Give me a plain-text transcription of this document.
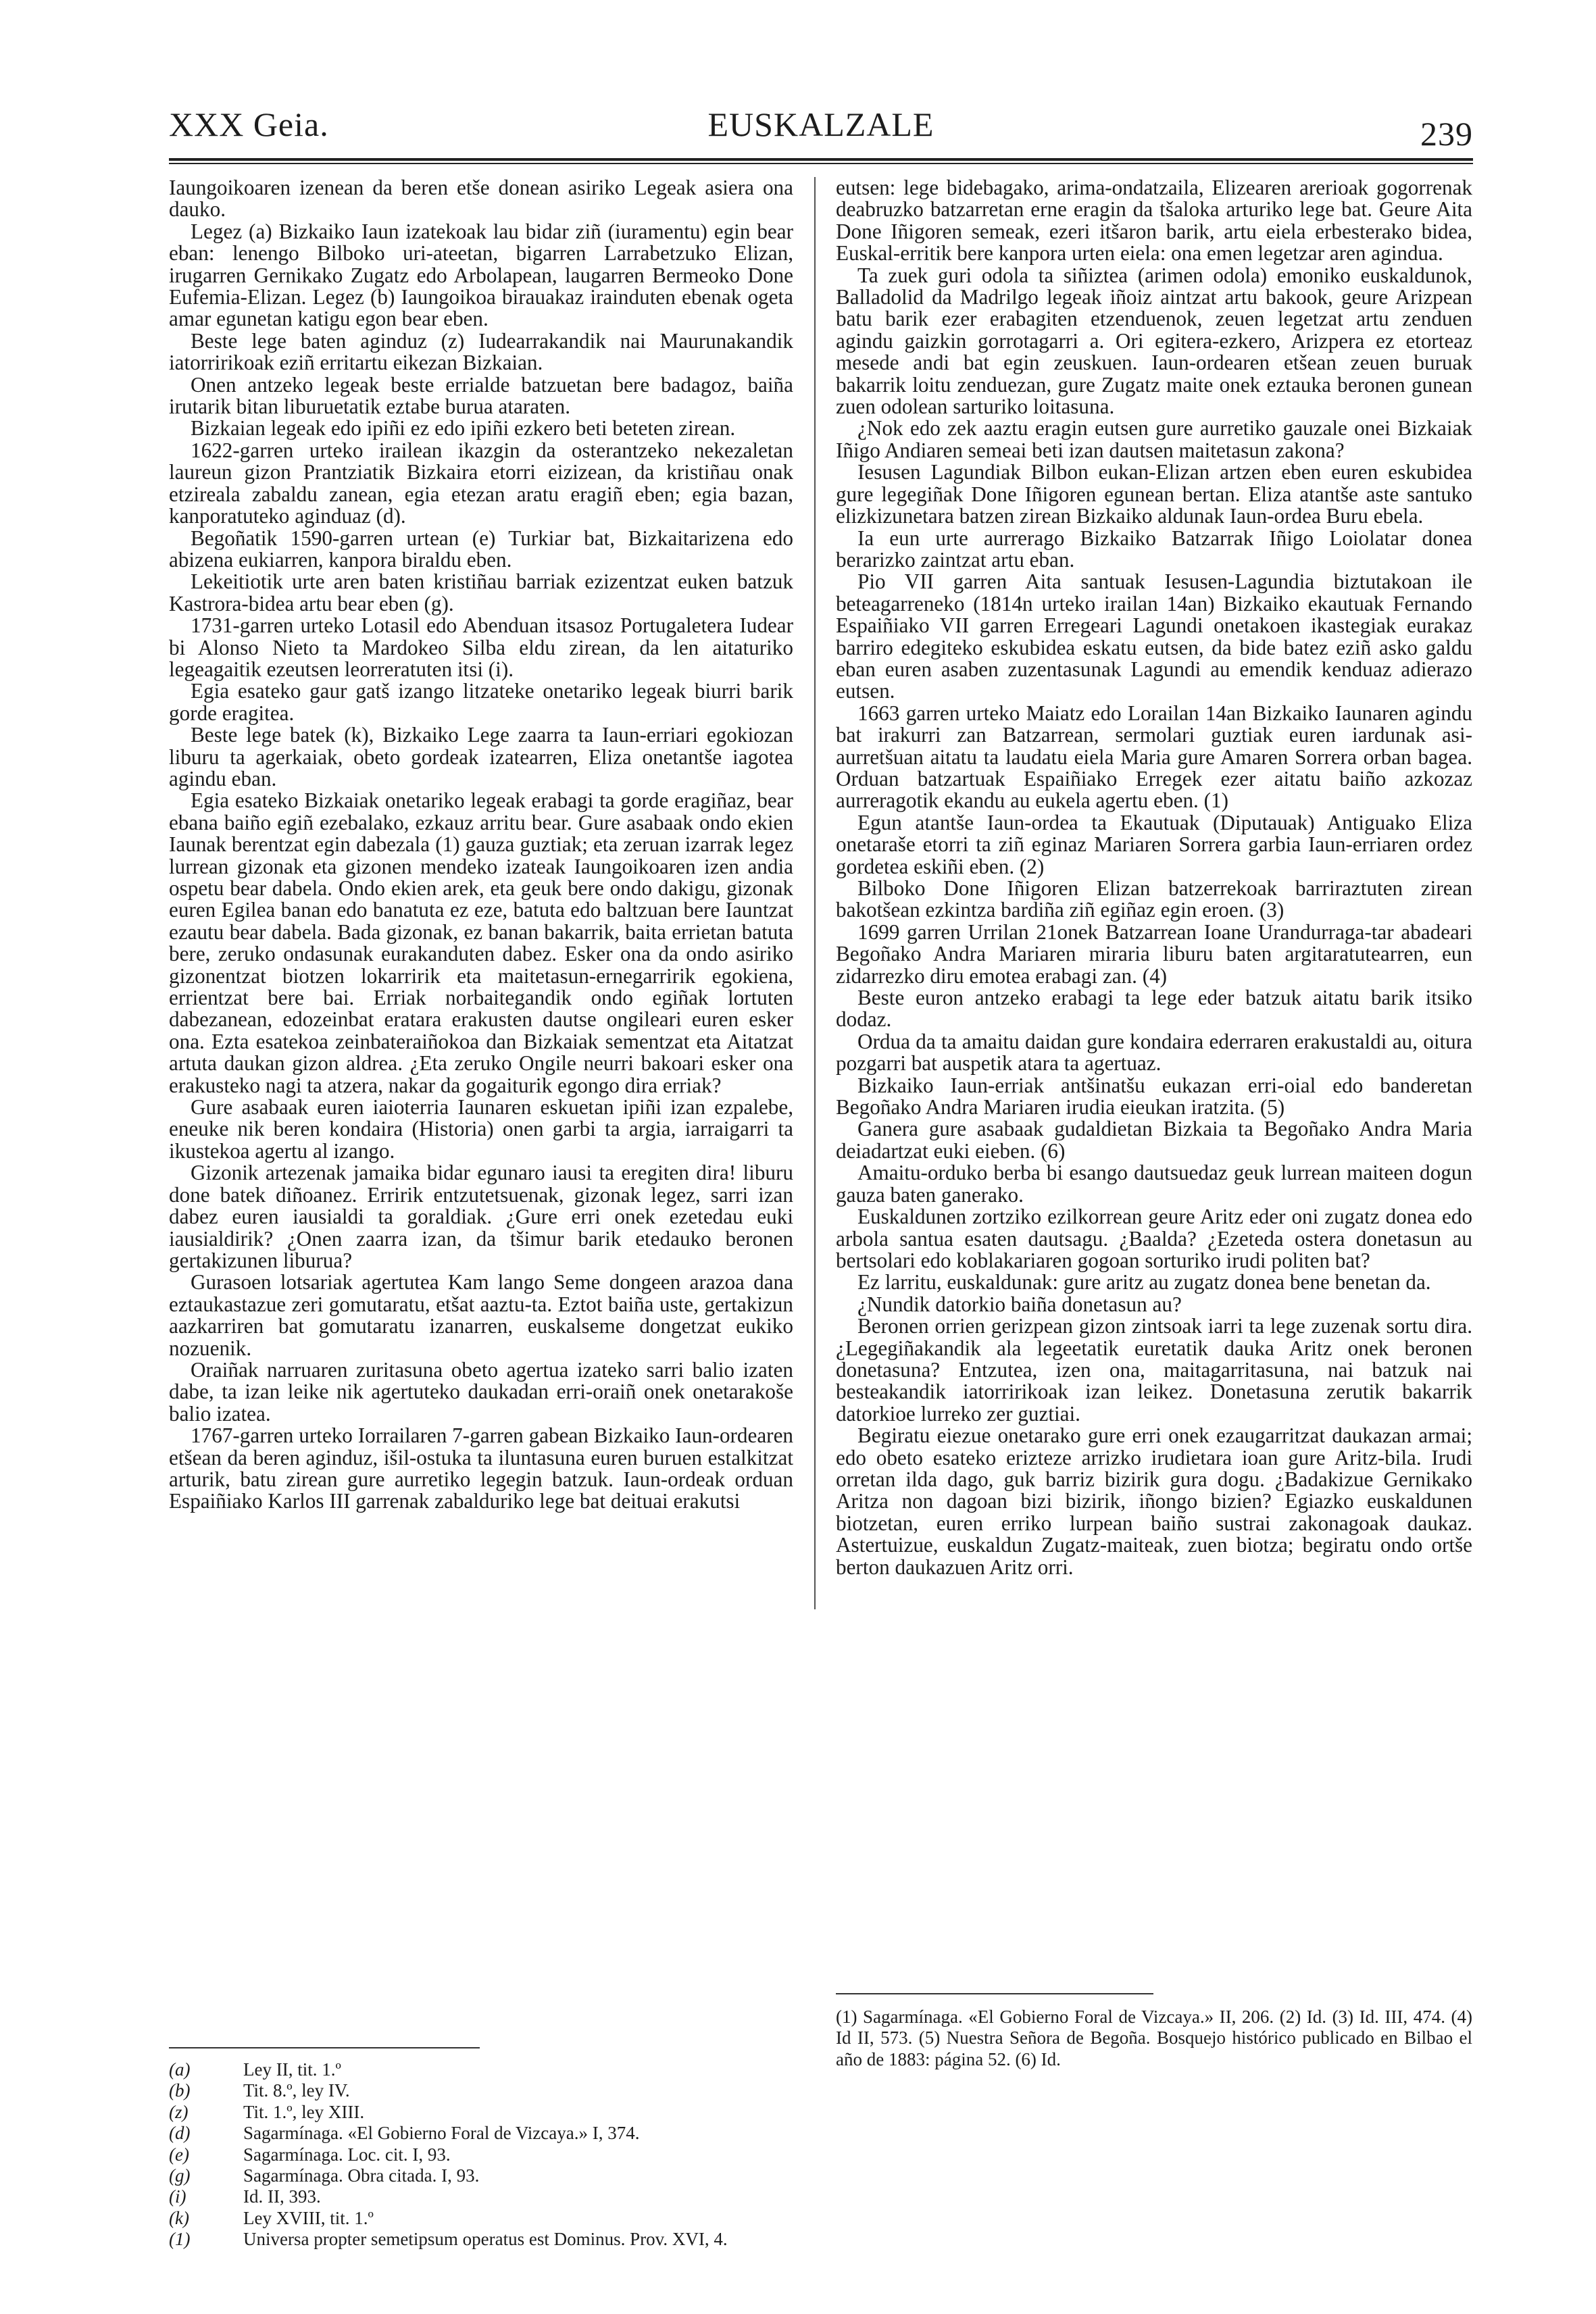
XXX Geia.	EUSKALZALE	239

Iaungoikoaren izenean da beren etše donean asiriko Legeak asiera ona dauko.

Legez (a) Bizkaiko Iaun izatekoak lau bidar ziñ (iuramentu) egin bear eban: lenengo Bilboko uri-ateetan, bigarren Larrabetzuko Elizan, irugarren Gernikako Zugatz edo Arbolapean, laugarren Bermeoko Done Eufemia-Elizan. Legez (b) Iaungoikoa birauakaz irainduten ebenak ogeta amar egunetan katigu egon bear eben.

Beste lege baten aginduz (z) Iudearrakandik nai Maurunakandik iatorririkoak eziñ erritartu eikezan Bizkaian.

Onen antzeko legeak beste errialde batzuetan bere badagoz, baiña irutarik bitan liburuetatik eztabe burua ataraten.

Bizkaian legeak edo ipiñi ez edo ipiñi ezkero beti beteten zirean.

1622-garren urteko irailean ikazgin da osterantzeko nekezaletan laureun gizon Prantziatik Bizkaira etorri eizizean, da kristiñau onak etzireala zabaldu zanean, egia etezan aratu eragiñ eben; egia bazan, kanporatuteko aginduaz (d).

Begoñatik 1590-garren urtean (e) Turkiar bat, Bizkaitarizena edo abizena eukiarren, kanpora biraldu eben.

Lekeitiotik urte aren baten kristiñau barriak ezizentzat euken batzuk Kastrora-bidea artu bear eben (g).

1731-garren urteko Lotasil edo Abenduan itsasoz Portugaletera Iudear bi Alonso Nieto ta Mardokeo Silba eldu zirean, da len aitaturiko legeagaitik ezeutsen leorreratuten itsi (i).

Egia esateko gaur gatš izango litzateke onetariko legeak biurri barik gorde eragitea.

Beste lege batek (k), Bizkaiko Lege zaarra ta Iaun-erriari egokiozan liburu ta agerkaiak, obeto gordeak izatearren, Eliza onetantše iagotea agindu eban.

Egia esateko Bizkaiak onetariko legeak erabagi ta gorde eragiñaz, bear ebana baiño egiñ ezebalako, ezkauz arritu bear. Gure asabaak ondo ekien Iaunak berentzat egin dabezala (1) gauza guztiak; eta zeruan izarrak legez lurrean gizonak eta gizonen mendeko izateak Iaungoikoaren izen andia ospetu bear dabela. Ondo ekien arek, eta geuk bere ondo dakigu, gizonak euren Egilea banan edo banatuta ez eze, batuta edo baltzuan bere Iauntzat ezautu bear dabela. Bada gizonak, ez banan bakarrik, baita errietan batuta bere, zeruko ondasunak eurakanduten dabez. Esker ona da ondo asiriko gizonentzat biotzen lokarririk eta maitetasun-ernegarririk egokiena, errientzat bere bai. Erriak norbaitegandik ondo egiñak lortuten dabezanean, edozeinbat eratara erakusten dautse ongileari euren esker ona. Ezta esatekoa zeinbateraiñokoa dan Bizkaiak sementzat eta Aitatzat artuta daukan gizon aldrea. ¿Eta zeruko Ongile neurri bakoari esker ona erakusteko nagi ta atzera, nakar da gogaiturik egongo dira erriak?

Gure asabaak euren iaioterria Iaunaren eskuetan ipiñi izan ezpalebe, eneuke nik beren kondaira (Historia) onen garbi ta argia, iarraigarri ta ikustekoa agertu al izango.

Gizonik artezenak jamaika bidar egunaro iausi ta eregiten dira! liburu done batek diñoanez. Erririk entzutetsuenak, gizonak legez, sarri izan dabez euren iausialdi ta goraldiak. ¿Gure erri onek ezetedau euki iausialdirik? ¿Onen zaarra izan, da tšimur barik etedauko beronen gertakizunen liburua?

Gurasoen lotsariak agertutea Kam lango Seme dongeen arazoa dana eztaukastazue zeri gomutaratu, etšat aaztu-ta. Eztot baiña uste, gertakizun aazkarriren bat gomutaratu izanarren, euskalseme dongetzat eukiko nozuenik.

Oraiñak narruaren zuritasuna obeto agertua izateko sarri balio izaten dabe, ta izan leike nik agertuteko daukadan erri-oraiñ onek onetarakoše balio izatea.

1767-garren urteko Iorrailaren 7-garren gabean Bizkaiko Iaun-ordearen etšean da beren aginduz, išil-ostuka ta iluntasuna euren buruen estalkitzat arturik, batu zirean gure aurretiko legegin batzuk. Iaun-ordeak orduan Espaiñiako Karlos III garrenak zabalduriko lege bat deituai erakutsi

eutsen: lege bidebagako, arima-ondatzaila, Elizearen arerioak gogorrenak deabruzko batzarretan erne eragin da tšaloka arturiko lege bat. Geure Aita Done Iñigoren semeak, ezeri itšaron barik, artu eiela erbesterako bidea, Euskal-erritik bere kanpora urten eiela: ona emen legetzar aren agindua.

Ta zuek guri odola ta siñiztea (arimen odola) emoniko euskaldunok, Balladolid da Madrilgo legeak iñoiz aintzat artu bakook, geure Arizpean batu barik ezer erabagiten etzenduenok, zeuen legetzat artu zenduen agindu gaizkin gorrotagarri a. Ori egitera-ezkero, Arizpera ez etorteaz mesede andi bat egin zeuskuen. Iaun-ordearen etšean zeuen buruak bakarrik loitu zenduezan, gure Zugatz maite onek eztauka beronen gunean zuen odolean sarturiko loitasuna.

¿Nok edo zek aaztu eragin eutsen gure aurretiko gauzale onei Bizkaiak Iñigo Andiaren semeai beti izan dautsen maitetasun zakona?

Iesusen Lagundiak Bilbon eukan-Elizan artzen eben euren eskubidea gure legegiñak Done Iñigoren egunean bertan. Eliza atantše aste santuko elizkizunetara batzen zirean Bizkaiko aldunak Iaun-ordea Buru ebela.

Ia eun urte aurrerago Bizkaiko Batzarrak Iñigo Loiolatar donea berarizko zaintzat artu eban.

Pio VII garren Aita santuak Iesusen-Lagundia biztutakoan ile beteagarreneko (1814n urteko irailan 14an) Bizkaiko ekautuak Fernando Espaiñiako VII garren Erregeari Lagundi onetakoen ikastegiak eurakaz barriro edegiteko eskubidea eskatu eutsen, da bide batez eziñ asko galdu eban euren asaben zuzentasunak Lagundi au emendik kenduaz adierazo eutsen.

1663 garren urteko Maiatz edo Lorailan 14an Bizkaiko Iaunaren agindu bat irakurri zan Batzarrean, sermolari guztiak euren iardunak asi-aurretšuan aitatu ta laudatu eiela Maria gure Amaren Sorrera orban bagea. Orduan batzartuak Espaiñiako Erregek ezer aitatu baiño azkozaz aurreragotik ekandu au eukela agertu eben. (1)

Egun atantše Iaun-ordea ta Ekautuak (Diputauak) Antiguako Eliza onetaraše etorri ta ziñ eginaz Mariaren Sorrera garbia Iaun-erriaren ordez gordetea eskiñi eben. (2)

Bilboko Done Iñigoren Elizan batzerrekoak barriraztuten zirean bakotšean ezkintza bardiña ziñ egiñaz egin eroen. (3)

1699 garren Urrilan 21onek Batzarrean Ioane Urandurraga-tar abadeari Begoñako Andra Mariaren miraria liburu baten argitaratutearren, eun zidarrezko diru emotea erabagi zan. (4)

Beste euron antzeko erabagi ta lege eder batzuk aitatu barik itsiko dodaz.

Ordua da ta amaitu daidan gure kondaira ederraren erakustaldi au, oitura pozgarri bat auspetik atara ta agertuaz.

Bizkaiko Iaun-erriak antšinatšu eukazan erri-oial edo banderetan Begoñako Andra Mariaren irudia eieukan iratzita. (5)

Ganera gure asabaak gudaldietan Bizkaia ta Begoñako Andra Maria deiadartzat euki eieben. (6)

Amaitu-orduko berba bi esango dautsuedaz geuk lurrean maiteen dogun gauza baten ganerako.

Euskaldunen zortziko ezilkorrean geure Aritz eder oni zugatz donea edo arbola santua esaten dautsagu. ¿Baalda? ¿Ezeteda ostera donetasun au bertsolari edo koblakariaren gogoan sorturiko irudi politen bat?

Ez larritu, euskaldunak: gure aritz au zugatz donea bene benetan da.

¿Nundik datorkio baiña donetasun au?

Beronen orrien gerizpean gizon zintsoak iarri ta lege zuzenak sortu dira. ¿Legegiñakandik ala legeetatik euretatik dauka Aritz onek beronen donetasuna? Entzutea, izen ona, maitagarritasuna, nai batzuk nai besteakandik iatorririkoak izan leikez. Donetasuna zerutik bakarrik datorkioe lurreko zer guztiai.

Begiratu eiezue onetarako gure erri onek ezaugarritzat daukazan armai; edo obeto esateko erizteze arrizko irudietara ioan gure Aritz-bila. Irudi orretan ilda dago, guk barriz bizirik gura dogu. ¿Badakizue Gernikako Aritza non dagoan bizi bizirik, iñongo bizien? Egiazko euskaldunen biotzetan, euren erriko lurpean baiño sustrai zakonagoak daukaz. Astertuizue, euskaldun Zugatz-maiteak, zuen biotza; begiratu ondo ortše berton daukazuen Aritz orri.

(a)	Ley II, tit. 1.º
(b)	Tit. 8.º, ley IV.
(z)	Tit. 1.º, ley XIII.
(d)	Sagarmínaga. «El Gobierno Foral de Vizcaya.» I, 374.
(e)	Sagarmínaga. Loc. cit. I, 93.
(g)	Sagarmínaga. Obra citada. I, 93.
(i)	Id. II, 393.
(k)	Ley XVIII, tit. 1.º
(1)	Universa propter semetipsum operatus est Dominus. Prov. XVI, 4.
(1) Sagarmínaga. «El Gobierno Foral de Vizcaya.» II, 206. (2) Id. (3) Id. III, 474. (4) Id II, 573. (5) Nuestra Señora de Begoña. Bosquejo histórico publicado en Bilbao el año de 1883: página 52. (6) Id.
